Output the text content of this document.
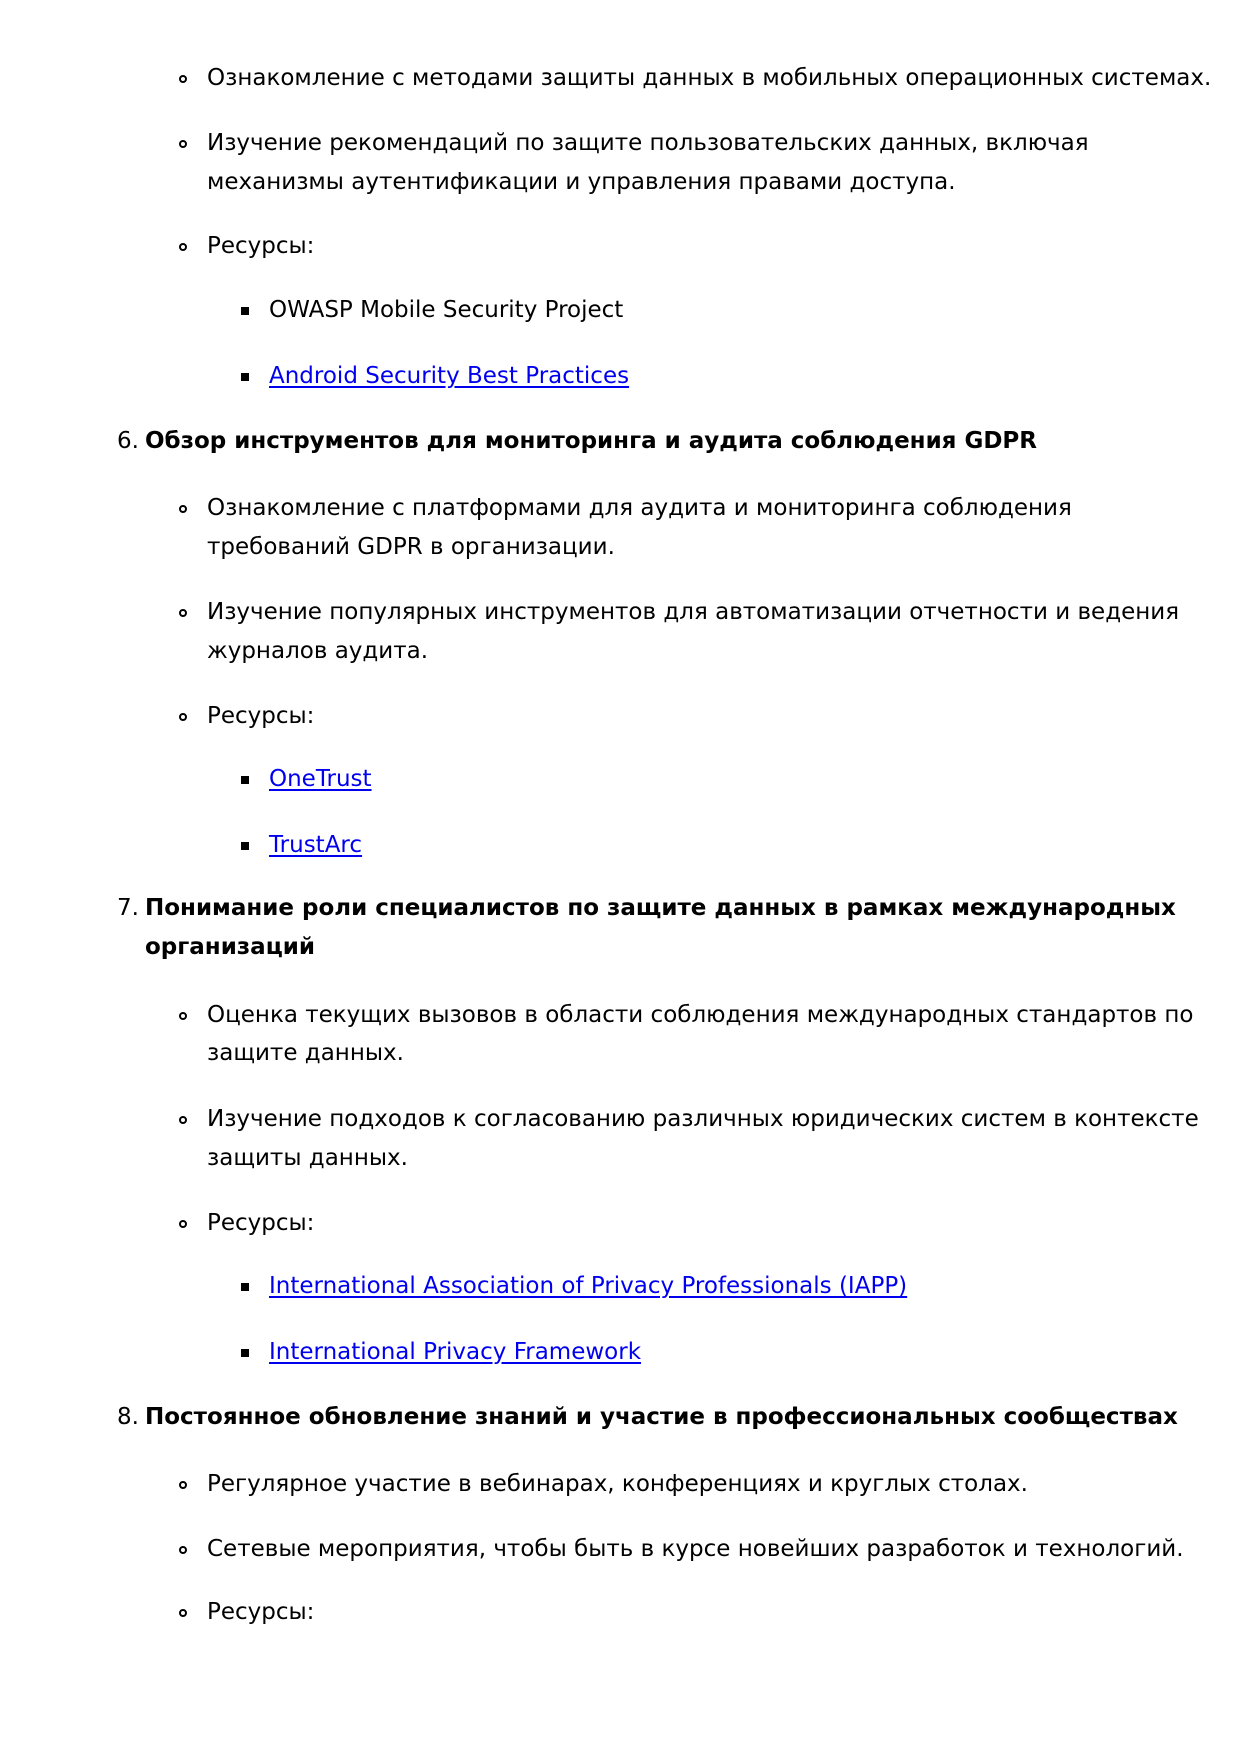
Ознакомление с методами защиты данных в мобильных операционных системах.
Изучение рекомендаций по защите пользовательских данных, включая
механизмы аутентификации и управления правами доступа.
Ресурсы:
OWASP Mobile Security Project
Android Security Best Practices
6. Обзор инструментов для мониторинга и аудита соблюдения GDPR
Ознакомление с платформами для аудита и мониторинга соблюдения
требований GDPR в организации.
Изучение популярных инструментов для автоматизации отчетности и ведения
журналов аудита.
Ресурсы:
OneTrust
TrustArc
7. Понимание роли специалистов по защите данных в рамках международных
организаций
Оценка текущих вызовов в области соблюдения международных стандартов по
защите данных.
Изучение подходов к согласованию различных юридических систем в контексте
защиты данных.
Ресурсы:
International Association of Privacy Professionals (IAPP)
International Privacy Framework
8. Постоянное обновление знаний и участие в профессиональных сообществах
Регулярное участие в вебинарах, конференциях и круглых столах.
Сетевые мероприятия, чтобы быть в курсе новейших разработок и технологий.
Ресурсы:
